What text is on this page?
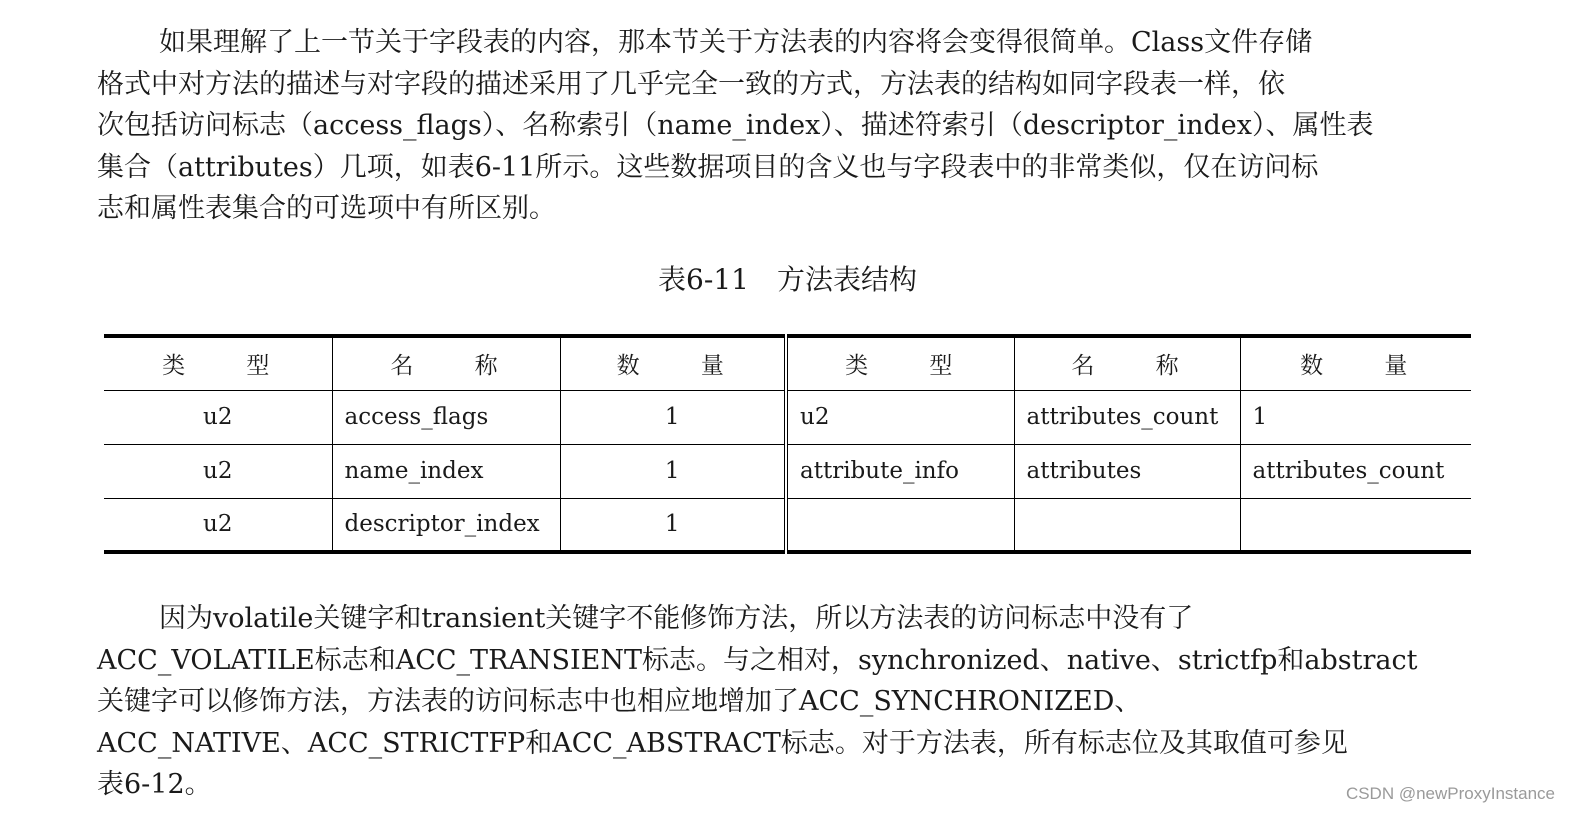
如果理解了上一节关于字段表的内容，那本节关于方法表的内容将会变得很简单。Class文件存储
格式中对方法的描述与对字段的描述采用了几乎完全一致的方式，方法表的结构如同字段表一样，依
次包括访问标志（access_flags）、名称索引（name_index）、描述符索引（descriptor_index）、属性表
集合（attributes）几项，如表6-11所示。这些数据项目的含义也与字段表中的非常类似，仅在访问标
志和属性表集合的可选项中有所区别。

表6-11　方法表结构
类 型	名 称	数 量	类 型	名 称	数 量
u2	access_flags	1	u2	attributes_count	1
u2	name_index	1	attribute_info	attributes	attributes_count
u2	descriptor_index	1			

因为volatile关键字和transient关键字不能修饰方法，所以方法表的访问标志中没有了
ACC_VOLATILE标志和ACC_TRANSIENT标志。与之相对，synchronized、native、strictfp和abstract
关键字可以修饰方法，方法表的访问标志中也相应地增加了ACC_SYNCHRONIZED、
ACC_NATIVE、ACC_STRICTFP和ACC_ABSTRACT标志。对于方法表，所有标志位及其取值可参见
表6-12。	CSDN @newProxyInstance
